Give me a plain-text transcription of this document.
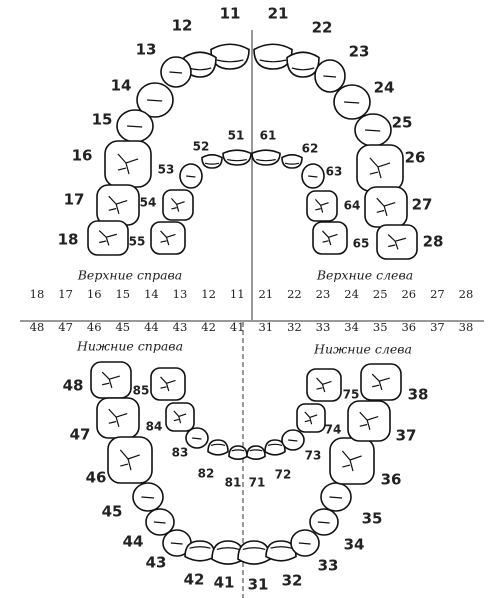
11
12
13
14
15
16
17
18
21
22
23
24
25
26
27
28
51
52
53
54
55
61
62
63
64
65
48
47
46
45
44
43
42 41 31 32
33
34
35
36
37
38
85
84
83
82
81 71
72
73
74
75
Верхние справа	Верхние слева
Нижние справа	Нижние слева
18 17 16 15 14 13 12 11 21 22 23 24 25 26 27 28
48 47 46 45 44 43 42 41 31 32 33 34 35 36 37 38
